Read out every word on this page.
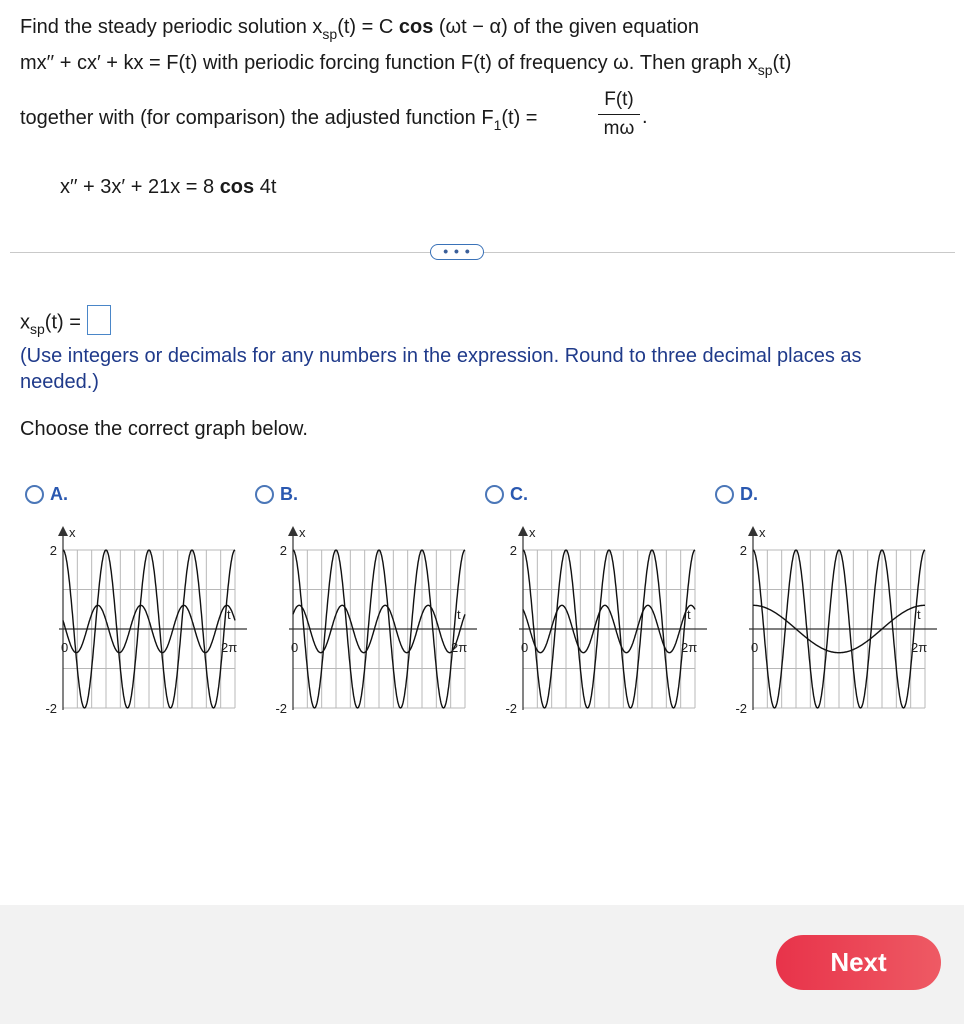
Find the steady periodic solution $x_{sp}(t) = C$ cos (ωt − α) of the given equation
mx′′ + cx′ + kx = F(t) with periodic forcing function F(t) of frequency ω. Then graph $x_{sp}(t)$
together with (for comparison) the adjusted function $F_1(t)$ =
F(t)
mω
.
x′′ + 3x′ + 21x = 8 cos 4t
• • •
$x_{sp}(t)$ =
(Use integers or decimals for any numbers in the expression. Round to three decimal places as needed.)
Choose the correct graph below.
A.	B.	C.	D.
x
2
-2
0
t
2π
x
2
-2
0
t
2π
x
2
-2
0
t
2π
x
2
-2
0
t
2π
Next
